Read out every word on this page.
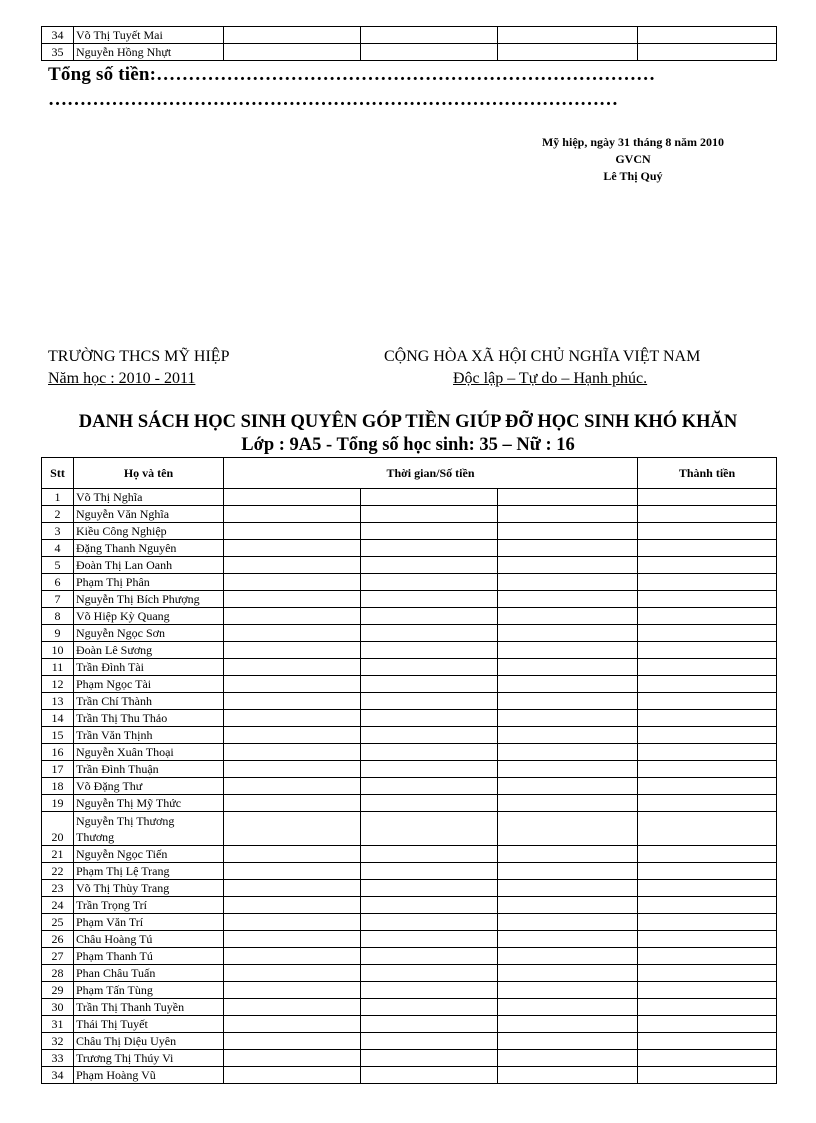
34	Võ Thị Tuyết Mai				
35	Nguyễn Hồng Nhựt				
Tổng số tiền:……………………………………………………………………
………………………………………………………………………………
Mỹ hiệp, ngày 31 tháng 8 năm 2010
GVCN
Lê Thị Quý
TRƯỜNG THCS MỸ HIỆP
Năm học : 2010 - 2011
CỘNG HÒA XÃ HỘI CHỦ NGHĨA VIỆT NAM
Độc lập – Tự do – Hạnh phúc.
DANH SÁCH HỌC SINH QUYÊN GÓP TIỀN GIÚP ĐỠ HỌC SINH KHÓ KHĂN
Lớp : 9A5 - Tổng số học sinh: 35 – Nữ : 16
Stt	Họ và tên	Thời gian/Số tiền			Thành tiền
1	Võ Thị Nghĩa				
2	Nguyễn Văn Nghĩa				
3	Kiều Công Nghiệp				
4	Đặng Thanh Nguyên				
5	Đoàn Thị Lan Oanh				
6	Phạm Thị Phân				
7	Nguyễn Thị Bích Phượng				
8	Võ Hiệp Kỳ Quang				
9	Nguyễn Ngọc Sơn				
10	Đoàn Lê Sương				
11	Trần Đình Tài				
12	Phạm Ngọc Tài				
13	Trần Chí Thành				
14	Trần Thị Thu Thảo				
15	Trần Văn Thịnh				
16	Nguyễn Xuân Thoại				
17	Trần Đình Thuận				
18	Võ Đặng Thư				
19	Nguyễn Thị Mỹ Thức				
20	Nguyễn Thị Thương Thương				
21	Nguyễn Ngọc Tiến				
22	Phạm Thị Lệ Trang				
23	Võ Thị Thùy Trang				
24	Trần Trọng Trí				
25	Phạm Văn Trí				
26	Châu Hoàng Tú				
27	Phạm Thanh Tú				
28	Phan Châu Tuấn				
29	Phạm Tấn Tùng				
30	Trần Thị Thanh Tuyền				
31	Thái Thị Tuyết				
32	Châu Thị Diệu Uyên				
33	Trương Thị Thúy Vi				
34	Phạm Hoàng Vũ				
